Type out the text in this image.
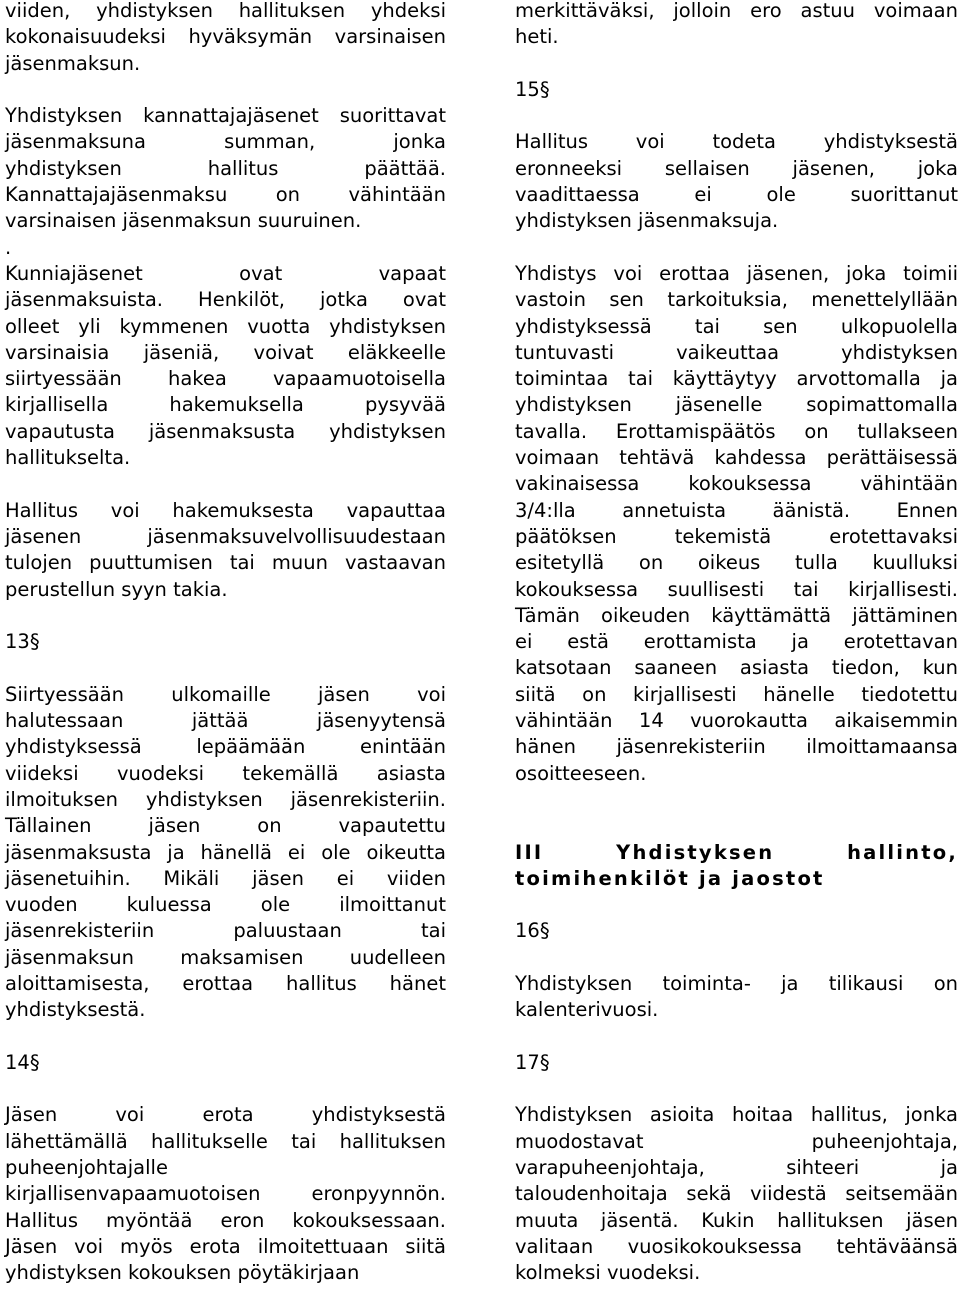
viiden, yhdistyksen hallituksen yhdeksi

kokonaisuudeksi hyväksymän varsinaisen

jäsenmaksun.

Yhdistyksen kannattajajäsenet suorittavat

jäsenmaksuna summan, jonka

yhdistyksen hallitus päättää.

Kannattajajäsenmaksu on vähintään

varsinaisen jäsenmaksun suuruinen.

.

Kunniajäsenet ovat vapaat

jäsenmaksuista. Henkilöt, jotka ovat

olleet yli kymmenen vuotta yhdistyksen

varsinaisia jäseniä, voivat eläkkeelle

siirtyessään hakea vapaamuotoisella

kirjallisella hakemuksella pysyvää

vapautusta jäsenmaksusta yhdistyksen

hallitukselta.

Hallitus voi hakemuksesta vapauttaa

jäsenen jäsenmaksuvelvollisuudestaan

tulojen puuttumisen tai muun vastaavan

perustellun syyn takia.

13§

Siirtyessään ulkomaille jäsen voi

halutessaan jättää jäsenyytensä

yhdistyksessä lepäämään enintään

viideksi vuodeksi tekemällä asiasta

ilmoituksen yhdistyksen jäsenrekisteriin.

Tällainen jäsen on vapautettu

jäsenmaksusta ja hänellä ei ole oikeutta

jäsenetuihin. Mikäli jäsen ei viiden

vuoden kuluessa ole ilmoittanut

jäsenrekisteriin paluustaan tai

jäsenmaksun maksamisen uudelleen

aloittamisesta, erottaa hallitus hänet

yhdistyksestä.

14§

Jäsen voi erota yhdistyksestä

lähettämällä hallitukselle tai hallituksen

puheenjohtajalle

kirjallisenvapaamuotoisen eronpyynnön.

Hallitus myöntää eron kokouksessaan.

Jäsen voi myös erota ilmoitettuaan siitä

yhdistyksen kokouksen pöytäkirjaan

merkittäväksi, jolloin ero astuu voimaan

heti.

15§

Hallitus voi todeta yhdistyksestä

eronneeksi sellaisen jäsenen, joka

vaadittaessa ei ole suorittanut

yhdistyksen jäsenmaksuja.

Yhdistys voi erottaa jäsenen, joka toimii

vastoin sen tarkoituksia, menettelyllään

yhdistyksessä tai sen ulkopuolella

tuntuvasti vaikeuttaa yhdistyksen

toimintaa tai käyttäytyy arvottomalla ja

yhdistyksen jäsenelle sopimattomalla

tavalla. Erottamispäätös on tullakseen

voimaan tehtävä kahdessa perättäisessä

vakinaisessa kokouksessa vähintään

3/4:lla annetuista äänistä. Ennen

päätöksen tekemistä erotettavaksi

esitetyllä on oikeus tulla kuulluksi

kokouksessa suullisesti tai kirjallisesti.

Tämän oikeuden käyttämättä jättäminen

ei estä erottamista ja erotettavan

katsotaan saaneen asiasta tiedon, kun

siitä on kirjallisesti hänelle tiedotettu

vähintään 14 vuorokautta aikaisemmin

hänen jäsenrekisteriin ilmoittamaansa

osoitteeseen.

III Yhdistyksen hallinto,

toimihenkilöt ja jaostot

16§

Yhdistyksen toiminta- ja tilikausi on

kalenterivuosi.

17§

Yhdistyksen asioita hoitaa hallitus, jonka

muodostavat puheenjohtaja,

varapuheenjohtaja, sihteeri ja

taloudenhoitaja sekä viidestä seitsemään

muuta jäsentä. Kukin hallituksen jäsen

valitaan vuosikokouksessa tehtäväänsä

kolmeksi vuodeksi.
